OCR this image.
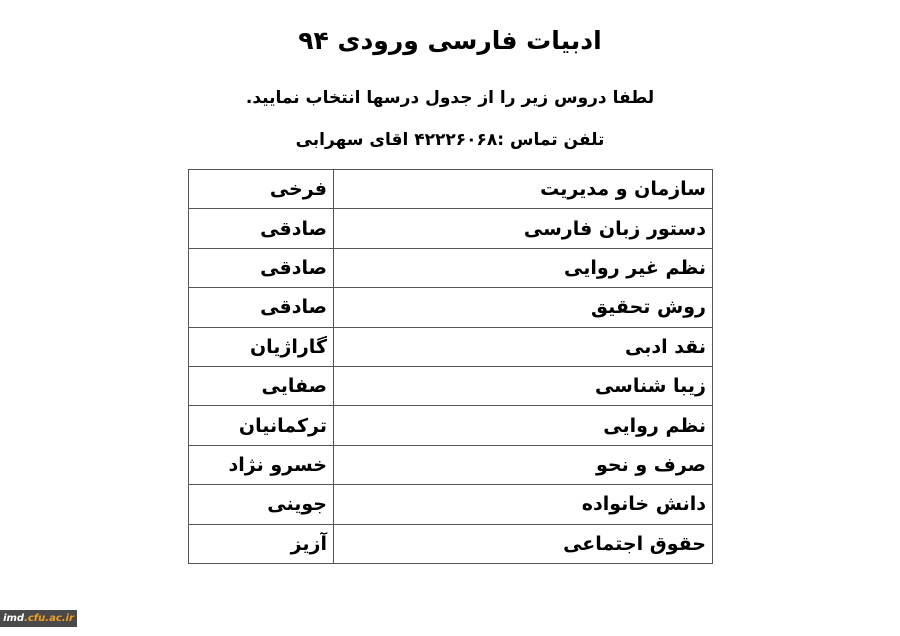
ادبیات فارسی ورودی ۹۴
لطفا دروس زیر را از جدول درسها انتخاب نمایید.
تلفن تماس :۴۲۲۲۶۰۶۸ اقای سهرابی
سازمان و مدیریت	فرخی
دستور زبان فارسی	صادقی
نظم غیر روایی	صادقی
روش تحقیق	صادقی
نقد ادبی	گاراژیان
زیبا شناسی	صفایی
نظم روایی	ترکمانیان
صرف و نحو	خسرو نژاد
دانش خانواده	جوینی
حقوق اجتماعی	آزیز
imd.cfu.ac.ir
